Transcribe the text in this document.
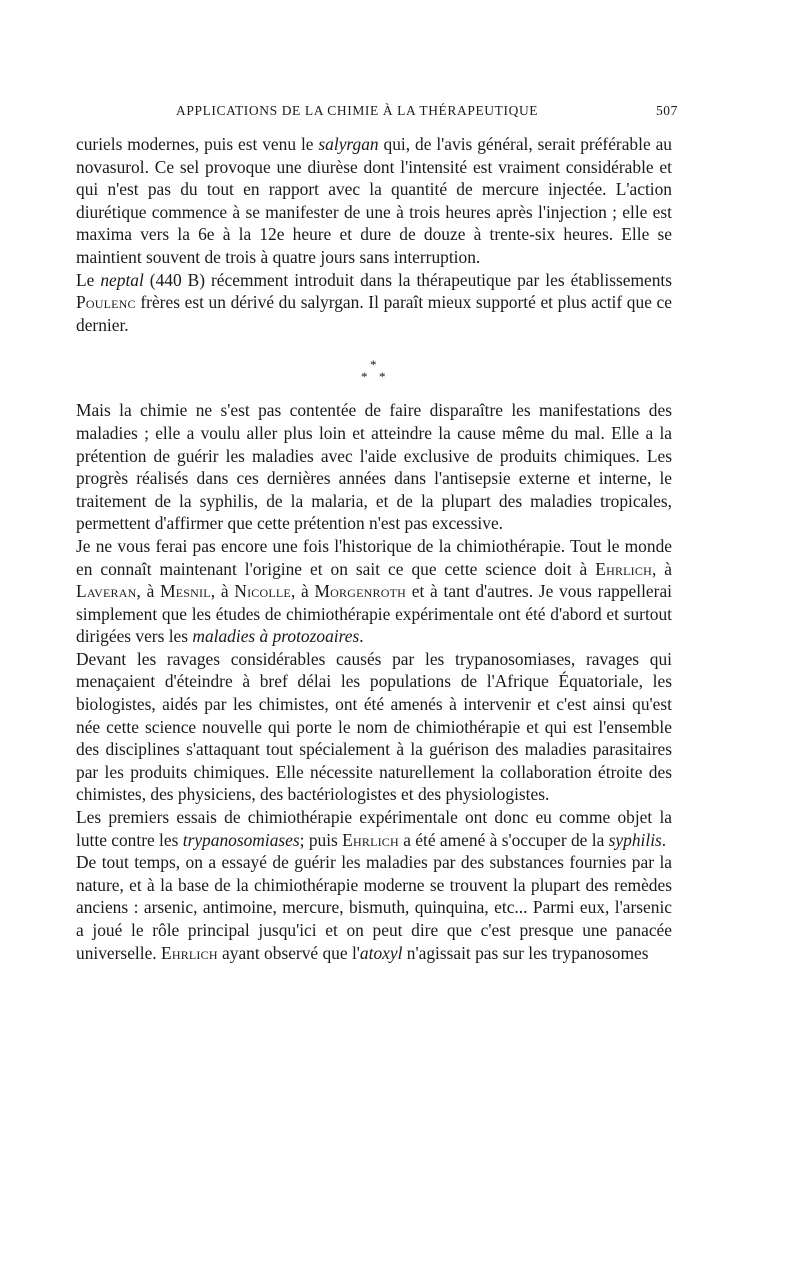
APPLICATIONS DE LA CHIMIE À LA THÉRAPEUTIQUE	507

curiels modernes, puis est venu le salyrgan qui, de l'avis général, serait préférable au novasurol. Ce sel provoque une diurèse dont l'intensité est vraiment considérable et qui n'est pas du tout en rapport avec la quantité de mercure injectée. L'action diurétique commence à se manifester de une à trois heures après l'injection ; elle est maxima vers la 6e à la 12e heure et dure de douze à trente-six heures. Elle se maintient souvent de trois à quatre jours sans interruption.

Le neptal (440 B) récemment introduit dans la thérapeutique par les établissements Poulenc frères est un dérivé du salyrgan. Il paraît mieux supporté et plus actif que ce dernier.

*
* *

Mais la chimie ne s'est pas contentée de faire disparaître les manifestations des maladies ; elle a voulu aller plus loin et atteindre la cause même du mal. Elle a la prétention de guérir les maladies avec l'aide exclusive de produits chimiques. Les progrès réalisés dans ces dernières années dans l'antisepsie externe et interne, le traitement de la syphilis, de la malaria, et de la plupart des maladies tropicales, permettent d'affirmer que cette prétention n'est pas excessive.

Je ne vous ferai pas encore une fois l'historique de la chimiothérapie. Tout le monde en connaît maintenant l'origine et on sait ce que cette science doit à Ehrlich, à Laveran, à Mesnil, à Nicolle, à Morgenroth et à tant d'autres. Je vous rappellerai simplement que les études de chimiothérapie expérimentale ont été d'abord et surtout dirigées vers les maladies à protozoaires.

Devant les ravages considérables causés par les trypanosomiases, ravages qui menaçaient d'éteindre à bref délai les populations de l'Afrique Équatoriale, les biologistes, aidés par les chimistes, ont été amenés à intervenir et c'est ainsi qu'est née cette science nouvelle qui porte le nom de chimiothérapie et qui est l'ensemble des disciplines s'attaquant tout spécialement à la guérison des maladies parasitaires par les produits chimiques. Elle nécessite naturellement la collaboration étroite des chimistes, des physiciens, des bactériologistes et des physiologistes.

Les premiers essais de chimiothérapie expérimentale ont donc eu comme objet la lutte contre les trypanosomiases; puis Ehrlich a été amené à s'occuper de la syphilis.

De tout temps, on a essayé de guérir les maladies par des substances fournies par la nature, et à la base de la chimiothérapie moderne se trouvent la plupart des remèdes anciens : arsenic, antimoine, mercure, bismuth, quinquina, etc... Parmi eux, l'arsenic a joué le rôle principal jusqu'ici et on peut dire que c'est presque une panacée universelle. Ehrlich ayant observé que l'atoxyl n'agissait pas sur les trypanosomes
